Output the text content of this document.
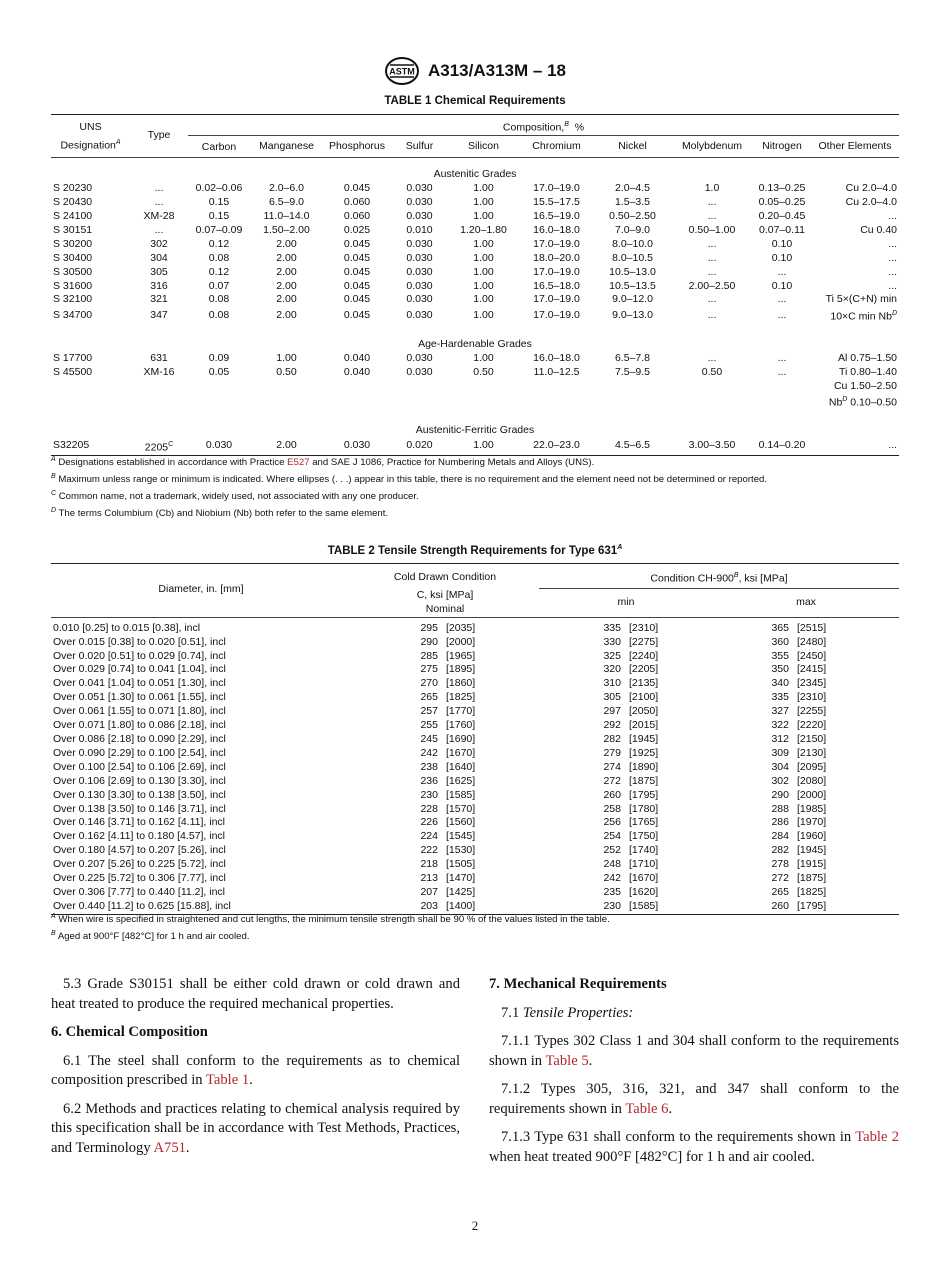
ASTM A313/A313M – 18
TABLE 1 Chemical Requirements
UNS	Type	Composition,$^B$ %									
Designation$^A$		Carbon	Manganese	Phosphorus	Sulfur	Silicon	Chromium	Nickel	Molybdenum	Nitrogen	Other Elements

Austenitic Grades											
S 20230	...	0.02–0.06	2.0–6.0	0.045	0.030	1.00	17.0–19.0	2.0–4.5	1.0	0.13–0.25	Cu 2.0–4.0
S 20430	...	0.15	6.5–9.0	0.060	0.030	1.00	15.5–17.5	1.5–3.5	...	0.05–0.25	Cu 2.0–4.0
S 24100	XM-28	0.15	11.0–14.0	0.060	0.030	1.00	16.5–19.0	0.50–2.50	...	0.20–0.45	...
S 30151	...	0.07–0.09	1.50–2.00	0.025	0.010	1.20–1.80	16.0–18.0	7.0–9.0	0.50–1.00	0.07–0.11	Cu 0.40
S 30200	302	0.12	2.00	0.045	0.030	1.00	17.0–19.0	8.0–10.0	...	0.10	...
S 30400	304	0.08	2.00	0.045	0.030	1.00	18.0–20.0	8.0–10.5	...	0.10	...
S 30500	305	0.12	2.00	0.045	0.030	1.00	17.0–19.0	10.5–13.0	...	...	...
S 31600	316	0.07	2.00	0.045	0.030	1.00	16.5–18.0	10.5–13.5	2.00–2.50	0.10	...
S 32100	321	0.08	2.00	0.045	0.030	1.00	17.0–19.0	9.0–12.0	...	...	Ti 5×(C+N) min
S 34700	347	0.08	2.00	0.045	0.030	1.00	17.0–19.0	9.0–13.0	...	...	10×C $\min Nb^D$

Age-Hardenable Grades											
S 17700	631	0.09	1.00	0.040	0.030	1.00	16.0–18.0	6.5–7.8	...	...	Al 0.75–1.50
S 45500	XM-16	0.05	0.50	0.040	0.030	0.50	11.0–12.5	7.5–9.5	0.50	...	Ti 0.80–1.40
											Cu 1.50–2.50
											$Nb^D$ 0.10–0.50

Austenitic-Ferritic Grades											
S32205	$2205^C$	0.030	2.00	0.030	0.020	1.00	22.0–23.0	4.5–6.5	3.00–3.50	0.14–0.20	...
$^A$ Designations established in accordance with Practice E527 and SAE J 1086, Practice for Numbering Metals and Alloys (UNS).
$^B$ Maximum unless range or minimum is indicated. Where ellipses (. . .) appear in this table, there is no requirement and the element need not be determined or reported.
$^C$ Common name, not a trademark, widely used, not associated with any one producer.
$^D$ The terms Columbium (Cb) and Niobium (Nb) both refer to the same element.
TABLE 2 Tensile Strength Requirements for Type $631^A$
Diameter, in. [mm]	Cold Drawn Condition		Condition $CH-900^B$, ksi [MPa]			

	C, ksi [MPa]
Nominal		min		max	

0.010 [0.25] to 0.015 [0.38], incl	295	[2035]	335	[2310]	365	[2515]
Over 0.015 [0.38] to 0.020 [0.51], incl	290	[2000]	330	[2275]	360	[2480]
Over 0.020 [0.51] to 0.029 [0.74], incl	285	[1965]	325	[2240]	355	[2450]
Over 0.029 [0.74] to 0.041 [1.04], incl	275	[1895]	320	[2205]	350	[2415]
Over 0.041 [1.04] to 0.051 [1.30], incl	270	[1860]	310	[2135]	340	[2345]
Over 0.051 [1.30] to 0.061 [1.55], incl	265	[1825]	305	[2100]	335	[2310]
Over 0.061 [1.55] to 0.071 [1.80], incl	257	[1770]	297	[2050]	327	[2255]
Over 0.071 [1.80] to 0.086 [2.18], incl	255	[1760]	292	[2015]	322	[2220]
Over 0.086 [2.18] to 0.090 [2.29], incl	245	[1690]	282	[1945]	312	[2150]
Over 0.090 [2.29] to 0.100 [2.54], incl	242	[1670]	279	[1925]	309	[2130]
Over 0.100 [2.54] to 0.106 [2.69], incl	238	[1640]	274	[1890]	304	[2095]
Over 0.106 [2.69] to 0.130 [3.30], incl	236	[1625]	272	[1875]	302	[2080]
Over 0.130 [3.30] to 0.138 [3.50], incl	230	[1585]	260	[1795]	290	[2000]
Over 0.138 [3.50] to 0.146 [3.71], incl	228	[1570]	258	[1780]	288	[1985]
Over 0.146 [3.71] to 0.162 [4.11], incl	226	[1560]	256	[1765]	286	[1970]
Over 0.162 [4.11] to 0.180 [4.57], incl	224	[1545]	254	[1750]	284	[1960]
Over 0.180 [4.57] to 0.207 [5.26], incl	222	[1530]	252	[1740]	282	[1945]
Over 0.207 [5.26] to 0.225 [5.72], incl	218	[1505]	248	[1710]	278	[1915]
Over 0.225 [5.72] to 0.306 [7.77], incl	213	[1470]	242	[1670]	272	[1875]
Over 0.306 [7.77] to 0.440 [11.2], incl	207	[1425]	235	[1620]	265	[1825]
Over 0.440 [11.2] to 0.625 [15.88], incl	203	[1400]	230	[1585]	260	[1795]
$^A$ When wire is specified in straightened and cut lengths, the minimum tensile strength shall be 90 % of the values listed in the table.
$^B$ Aged at 900°F [482°C] for 1 h and air cooled.

5.3 Grade S30151 shall be either cold drawn or cold drawn and heat treated to produce the required mechanical properties.

6. Chemical Composition

6.1 The steel shall conform to the requirements as to chemical composition prescribed in Table 1.

6.2 Methods and practices relating to chemical analysis required by this specification shall be in accordance with Test Methods, Practices, and Terminology A751.

7. Mechanical Requirements

7.1 Tensile Properties:

7.1.1 Types 302 Class 1 and 304 shall conform to the requirements shown in Table 5.

7.1.2 Types 305, 316, 321, and 347 shall conform to the requirements shown in Table 6.

7.1.3 Type 631 shall conform to the requirements shown in Table 2 when heat treated 900°F [482°C] for 1 h and air cooled.

2
